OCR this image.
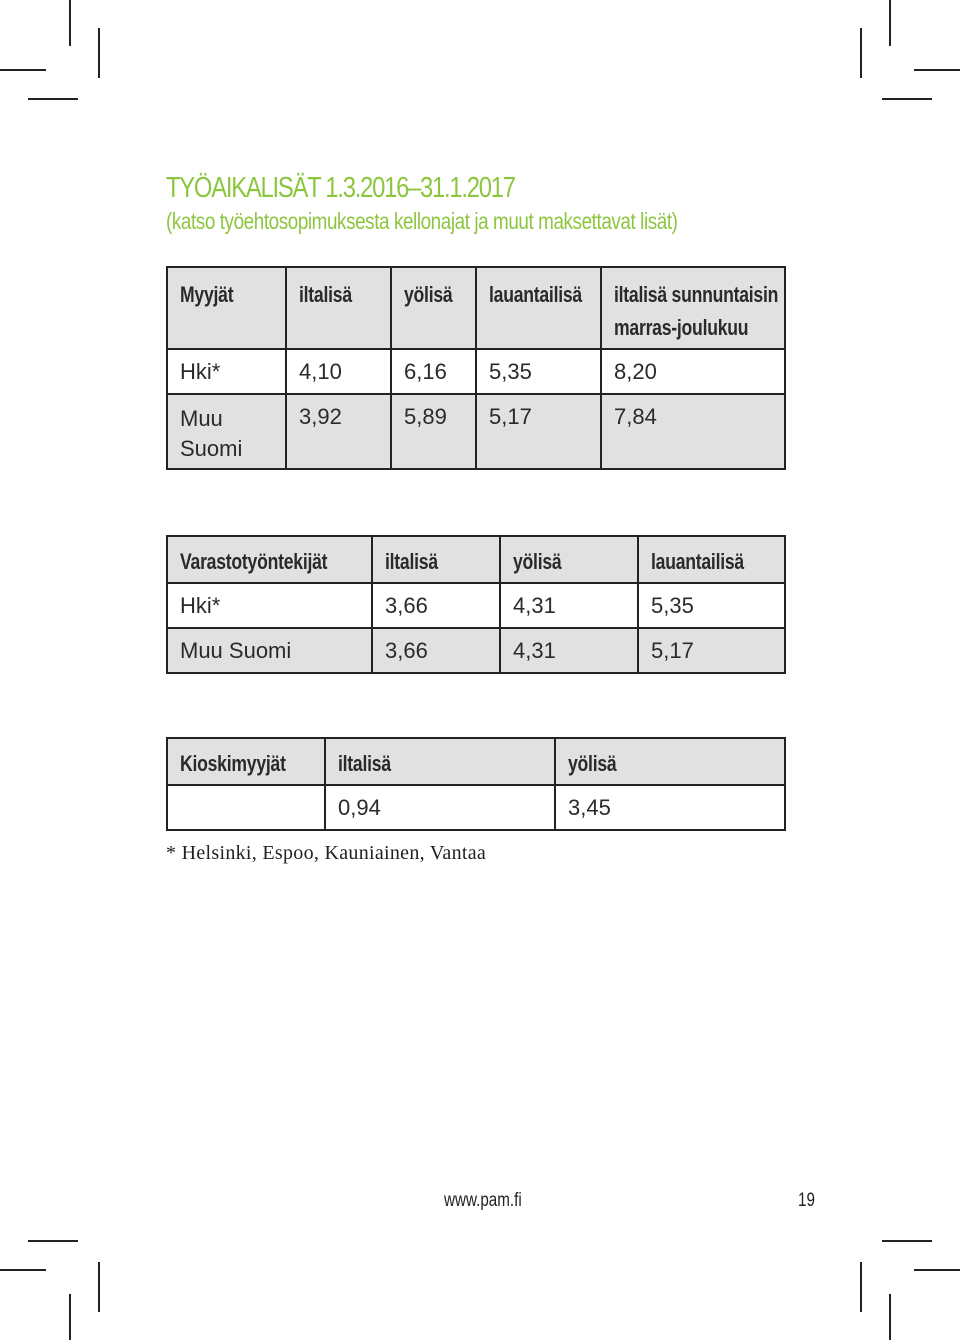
TYÖAIKALISÄT 1.3.2016–31.1.2017
(katso työehtosopimuksesta kellonajat ja muut maksettavat lisät)
Myyjät	iltalisä	yölisä	lauantailisä	iltalisä sunnuntaisin
marras-joulukuu
Hki*	4,10	6,16	5,35	8,20
Muu
Suomi	3,92	5,89	5,17	7,84
Varastotyöntekijät	iltalisä	yölisä	lauantailisä
Hki*	3,66	4,31	5,35
Muu Suomi	3,66	4,31	5,17
Kioskimyyjät	iltalisä	yölisä
	0,94	3,45
* Helsinki, Espoo, Kauniainen, Vantaa
www.pam.fi	19
